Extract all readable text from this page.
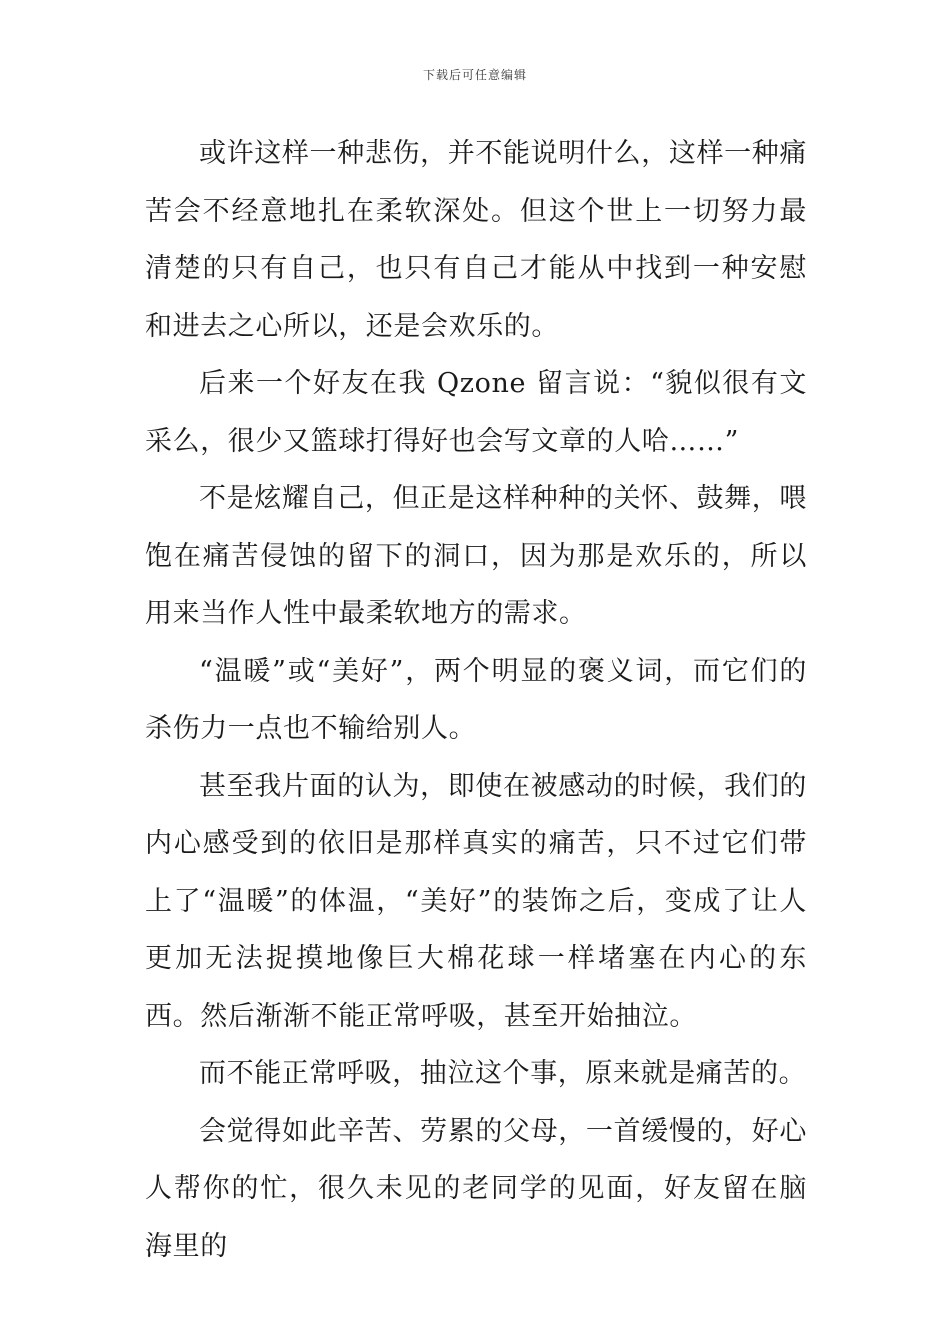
下载后可任意编辑

或许这样一种悲伤，并不能说明什么，这样一种痛苦会不经意地扎在柔软深处。但这个世上一切努力最清楚的只有自己，也只有自己才能从中找到一种安慰和进去之心所以，还是会欢乐的。

后来一个好友在我 Qzone 留言说：“貌似很有文采么，很少又篮球打得好也会写文章的人哈……”

不是炫耀自己，但正是这样种种的关怀、鼓舞，喂饱在痛苦侵蚀的留下的洞口，因为那是欢乐的，所以用来当作人性中最柔软地方的需求。

“温暖”或“美好”，两个明显的褒义词，而它们的杀伤力一点也不输给别人。

甚至我片面的认为，即使在被感动的时候，我们的内心感受到的依旧是那样真实的痛苦，只不过它们带上了“温暖”的体温，“美好”的装饰之后，变成了让人更加无法捉摸地像巨大棉花球一样堵塞在内心的东西。然后渐渐不能正常呼吸，甚至开始抽泣。

而不能正常呼吸，抽泣这个事，原来就是痛苦的。

会觉得如此辛苦、劳累的父母，一首缓慢的，好心人帮你的忙，很久未见的老同学的见面，好友留在脑海里的
